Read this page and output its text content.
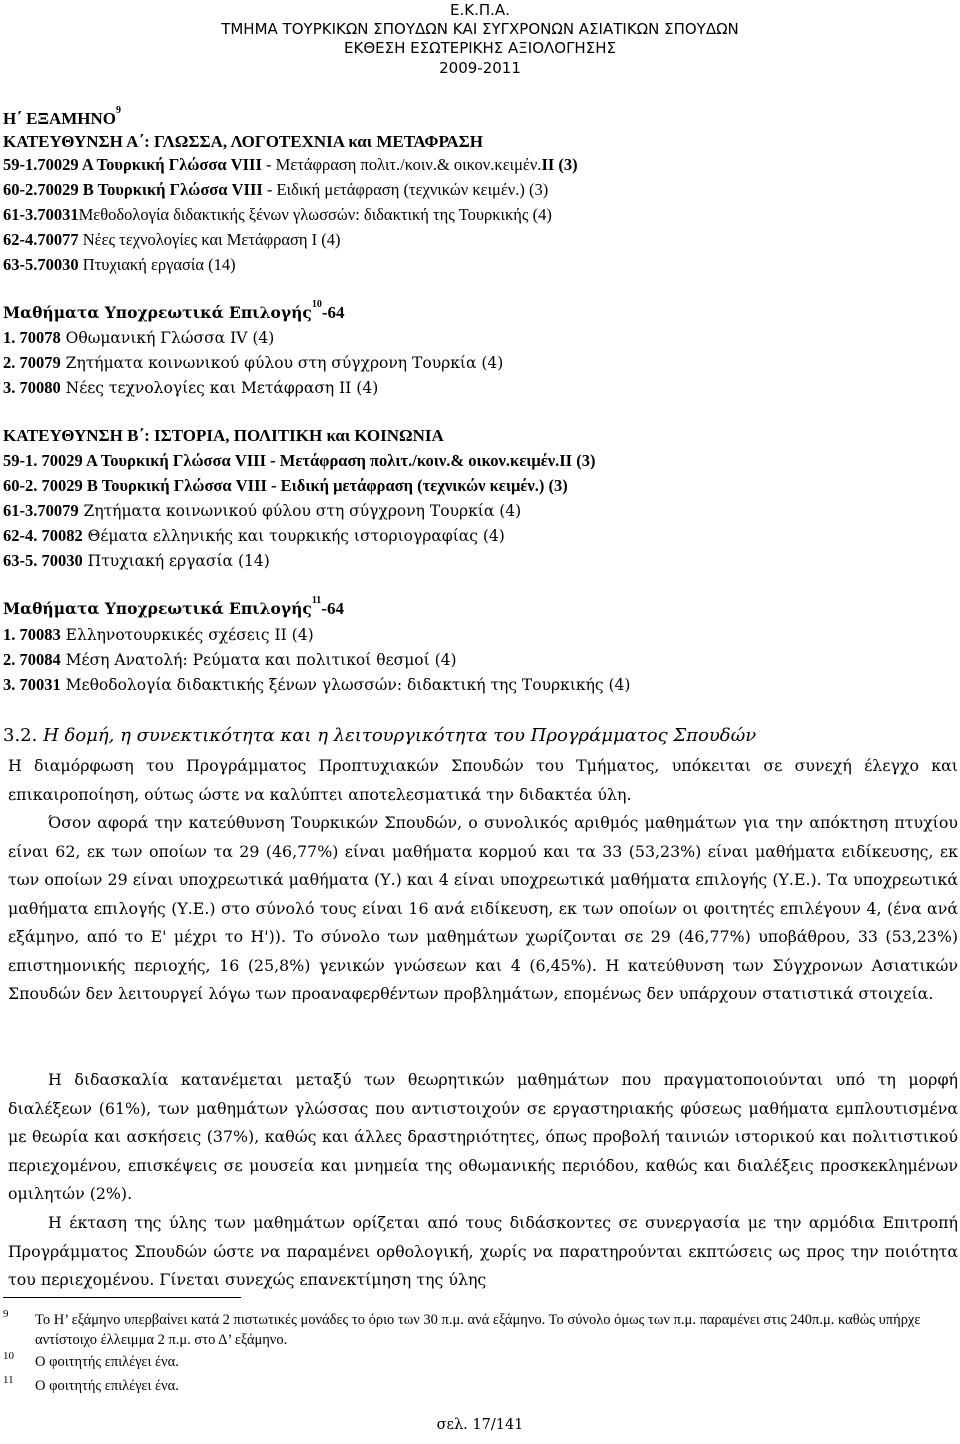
Ε.Κ.Π.Α.
ΤΜΗΜΑ ΤΟΥΡΚΙΚΩΝ ΣΠΟΥΔΩΝ ΚΑΙ ΣΥΓΧΡΟΝΩΝ ΑΣΙΑΤΙΚΩΝ ΣΠΟΥΔΩΝ
ΕΚΘΕΣΗ ΕΣΩΤΕΡΙΚΗΣ ΑΞΙΟΛΟΓΗΣΗΣ
2009-2011
Η΄ ΕΞΑΜΗΝΟ$^9$
ΚΑΤΕΥΘΥΝΣΗ Α΄: ΓΛΩΣΣΑ, ΛΟΓΟΤΕΧΝΙΑ και ΜΕΤΑΦΡΑΣΗ
59-1.70029 Α Τουρκική Γλώσσα VIII - Μετάφραση πολιτ./κοιν.& οικον.κειμέν.ΙΙ (3)
60-2.70029 Β Τουρκική Γλώσσα VIII - Ειδική μετάφραση (τεχνικών κειμέν.) (3)
61-3.70031Μεθοδολογία διδακτικής ξένων γλωσσών: διδακτική της Τουρκικής (4)
62-4.70077 Νέες τεχνολογίες και Μετάφραση Ι (4)
63-5.70030 Πτυχιακή εργασία (14)
Μαθήματα Υποχρεωτικά Επιλογής$^{10}$-64
1. 70078 Οθωμανική Γλώσσα IV (4)
2. 70079 Ζητήματα κοινωνικού φύλου στη σύγχρονη Τουρκία (4)
3. 70080 Νέες τεχνολογίες και Μετάφραση ΙΙ (4)
ΚΑΤΕΥΘΥΝΣΗ Β΄: ΙΣΤΟΡΙΑ, ΠΟΛΙΤΙΚΗ και ΚΟΙΝΩΝΙΑ
59-1. 70029 Α Τουρκική Γλώσσα VIII - Μετάφραση πολιτ./κοιν.& οικον.κειμέν.ΙΙ (3)
60-2. 70029 Β Τουρκική Γλώσσα VIII - Ειδική μετάφραση (τεχνικών κειμέν.) (3)
61-3.70079 Ζητήματα κοινωνικού φύλου στη σύγχρονη Τουρκία (4)
62-4. 70082 Θέματα ελληνικής και τουρκικής ιστοριογραφίας (4)
63-5. 70030 Πτυχιακή εργασία (14)
Μαθήματα Υποχρεωτικά Επιλογής$^{11}$-64
1. 70083 Ελληνοτουρκικές σχέσεις ΙΙ (4)
2. 70084 Μέση Ανατολή: Ρεύματα και πολιτικοί θεσμοί (4)
3. 70031 Μεθοδολογία διδακτικής ξένων γλωσσών: διδακτική της Τουρκικής (4)
3.2. Η δομή, η συνεκτικότητα και η λειτουργικότητα του Προγράμματος Σπουδών
Η διαμόρφωση του Προγράμματος Προπτυχιακών Σπουδών του Τμήματος, υπόκειται σε συνεχή έλεγχο και επικαιροποίηση, ούτως ώστε να καλύπτει αποτελεσματικά την διδακτέα ύλη.
Όσον αφορά την κατεύθυνση Τουρκικών Σπουδών, ο συνολικός αριθμός μαθημάτων για την απόκτηση πτυχίου είναι 62, εκ των οποίων τα 29 (46,77%) είναι μαθήματα κορμού και τα 33 (53,23%) είναι μαθήματα ειδίκευσης, εκ των οποίων 29 είναι υποχρεωτικά μαθήματα (Υ.) και 4 είναι υποχρεωτικά μαθήματα επιλογής (Υ.Ε.). Τα υποχρεωτικά μαθήματα επιλογής (Υ.Ε.) στο σύνολό τους είναι 16 ανά ειδίκευση, εκ των οποίων οι φοιτητές επιλέγουν 4, (ένα ανά εξάμηνο, από το Ε' μέχρι το Η')). Το σύνολο των μαθημάτων χωρίζονται σε 29 (46,77%) υποβάθρου, 33 (53,23%) επιστημονικής περιοχής, 16 (25,8%) γενικών γνώσεων και 4 (6,45%). Η κατεύθυνση των Σύγχρονων Ασιατικών Σπουδών δεν λειτουργεί λόγω των προαναφερθέντων προβλημάτων, επομένως δεν υπάρχουν στατιστικά στοιχεία.
Η διδασκαλία κατανέμεται μεταξύ των θεωρητικών μαθημάτων που πραγματοποιούνται υπό τη μορφή διαλέξεων (61%), των μαθημάτων γλώσσας που αντιστοιχούν σε εργαστηριακής φύσεως μαθήματα εμπλουτισμένα με θεωρία και ασκήσεις (37%), καθώς και άλλες δραστηριότητες, όπως προβολή ταινιών ιστορικού και πολιτιστικού περιεχομένου, επισκέψεις σε μουσεία και μνημεία της οθωμανικής περιόδου, καθώς και διαλέξεις προσκεκλημένων ομιλητών (2%).
Η έκταση της ύλης των μαθημάτων ορίζεται από τους διδάσκοντες σε συνεργασία με την αρμόδια Επιτροπή Προγράμματος Σπουδών ώστε να παραμένει ορθολογική, χωρίς να παρατηρούνται εκπτώσεις ως προς την ποιότητα του περιεχομένου. Γίνεται συνεχώς επανεκτίμηση της ύλης
9 Το Η’ εξάμηνο υπερβαίνει κατά 2 πιστωτικές μονάδες το όριο των 30 π.μ. ανά εξάμηνο. Το σύνολο όμως των π.μ. παραμένει στις 240π.μ. καθώς υπήρχε αντίστοιχο έλλειμμα 2 π.μ. στο Δ’ εξάμηνο.
10 Ο φοιτητής επιλέγει ένα.
11 Ο φοιτητής επιλέγει ένα.
σελ. 17/141
